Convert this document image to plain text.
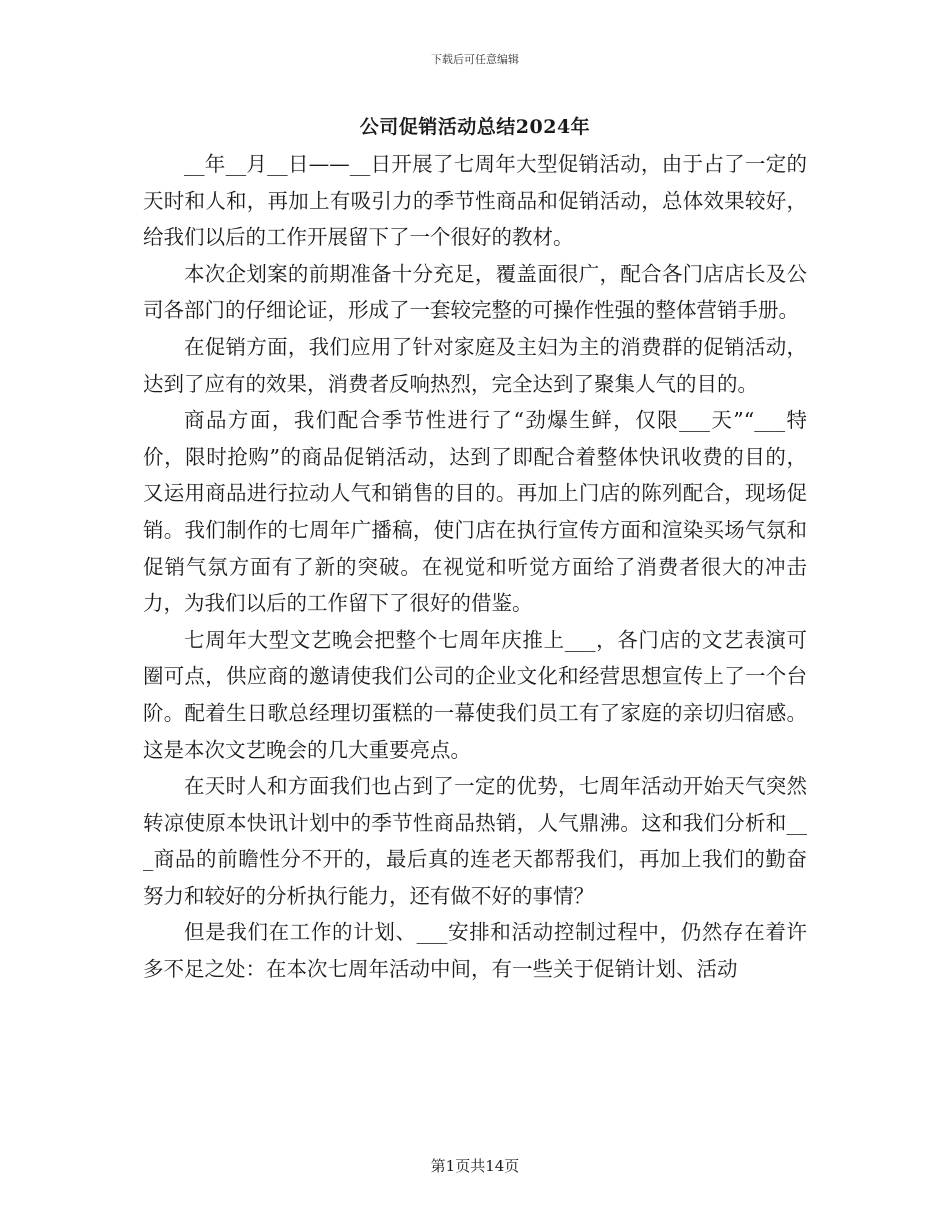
下载后可任意编辑
公司促销活动总结2024年

__年__月__日——__日开展了七周年大型促销活动，由于占了一定的天时和人和，再加上有吸引力的季节性商品和促销活动，总体效果较好，给我们以后的工作开展留下了一个很好的教材。

本次企划案的前期准备十分充足，覆盖面很广，配合各门店店长及公司各部门的仔细论证，形成了一套较完整的可操作性强的整体营销手册。

在促销方面，我们应用了针对家庭及主妇为主的消费群的促销活动，达到了应有的效果，消费者反响热烈，完全达到了聚集人气的目的。

商品方面，我们配合季节性进行了“劲爆生鲜，仅限___天”“___特价，限时抢购”的商品促销活动，达到了即配合着整体快讯收费的目的，又运用商品进行拉动人气和销售的目的。再加上门店的陈列配合，现场促销。我们制作的七周年广播稿，使门店在执行宣传方面和渲染买场气氛和促销气氛方面有了新的突破。在视觉和听觉方面给了消费者很大的冲击力，为我们以后的工作留下了很好的借鉴。

七周年大型文艺晚会把整个七周年庆推上___，各门店的文艺表演可圈可点，供应商的邀请使我们公司的企业文化和经营思想宣传上了一个台阶。配着生日歌总经理切蛋糕的一幕使我们员工有了家庭的亲切归宿感。这是本次文艺晚会的几大重要亮点。

在天时人和方面我们也占到了一定的优势，七周年活动开始天气突然转凉使原本快讯计划中的季节性商品热销，人气鼎沸。这和我们分析和___商品的前瞻性分不开的，最后真的连老天都帮我们，再加上我们的勤奋努力和较好的分析执行能力，还有做不好的事情？

但是我们在工作的计划、___安排和活动控制过程中，仍然存在着许多不足之处：在本次七周年活动中间，有一些关于促销计划、活动

第1页共14页
